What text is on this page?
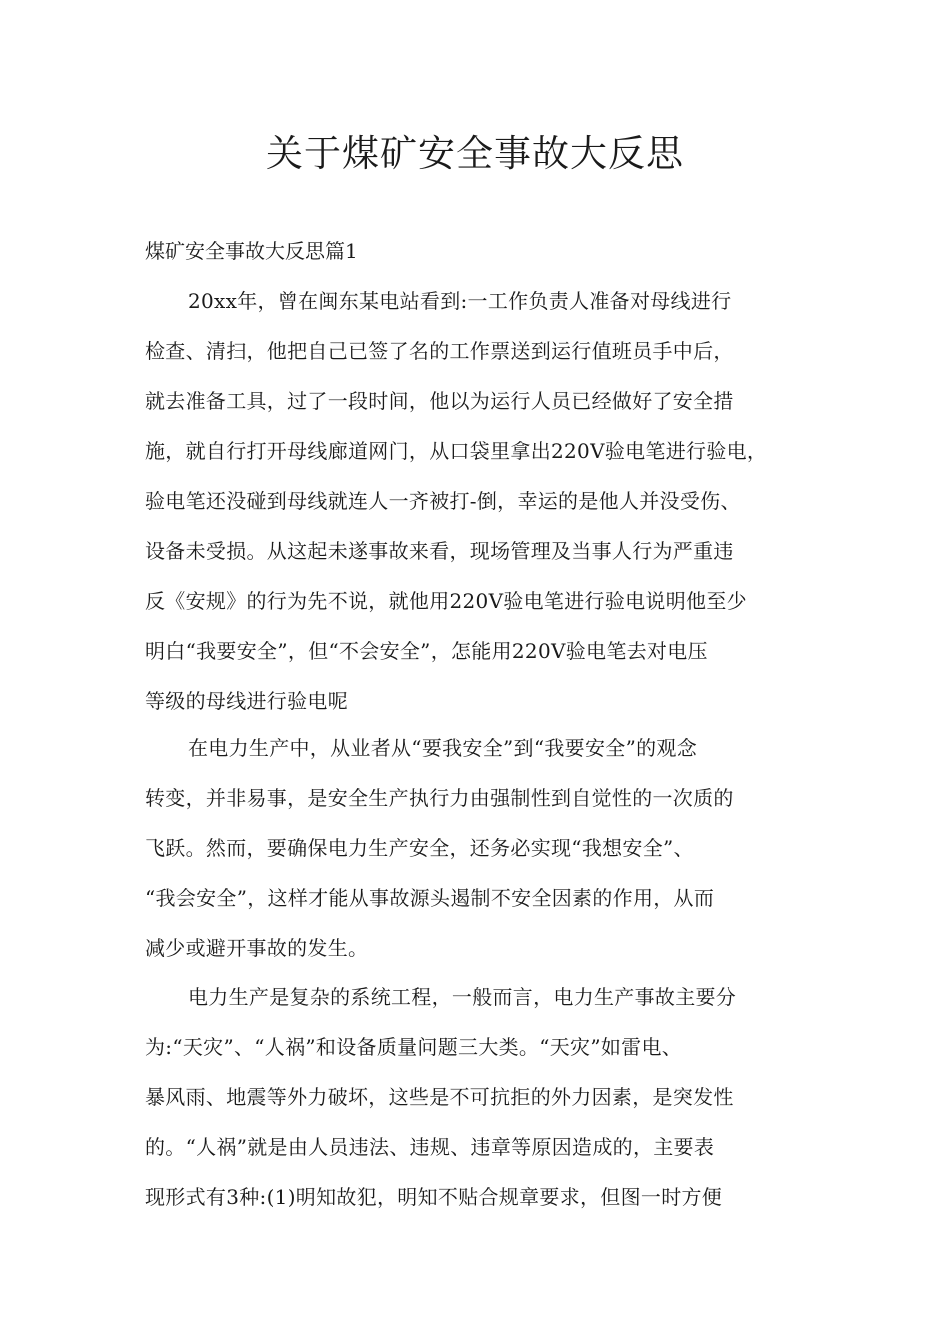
关于煤矿安全事故大反思

煤矿安全事故大反思篇1

20xx年，曾在闽东某电站看到:一工作负责人准备对母线进行
检查、清扫，他把自己已签了名的工作票送到运行值班员手中后，
就去准备工具，过了一段时间，他以为运行人员已经做好了安全措
施，就自行打开母线廊道网门，从口袋里拿出220V验电笔进行验电，
验电笔还没碰到母线就连人一齐被打-倒，幸运的是他人并没受伤、
设备未受损。从这起未遂事故来看，现场管理及当事人行为严重违
反《安规》的行为先不说，就他用220V验电笔进行验电说明他至少
明白“我要安全”，但“不会安全”，怎能用220V验电笔去对电压
等级的母线进行验电呢
在电力生产中，从业者从“要我安全”到“我要安全”的观念
转变，并非易事，是安全生产执行力由强制性到自觉性的一次质的
飞跃。然而，要确保电力生产安全，还务必实现“我想安全”、
“我会安全”，这样才能从事故源头遏制不安全因素的作用，从而
减少或避开事故的发生。
电力生产是复杂的系统工程，一般而言，电力生产事故主要分
为:“天灾”、“人祸”和设备质量问题三大类。“天灾”如雷电、
暴风雨、地震等外力破坏，这些是不可抗拒的外力因素，是突发性
的。“人祸”就是由人员违法、违规、违章等原因造成的，主要表
现形式有3种:(1)明知故犯，明知不贴合规章要求，但图一时方便
